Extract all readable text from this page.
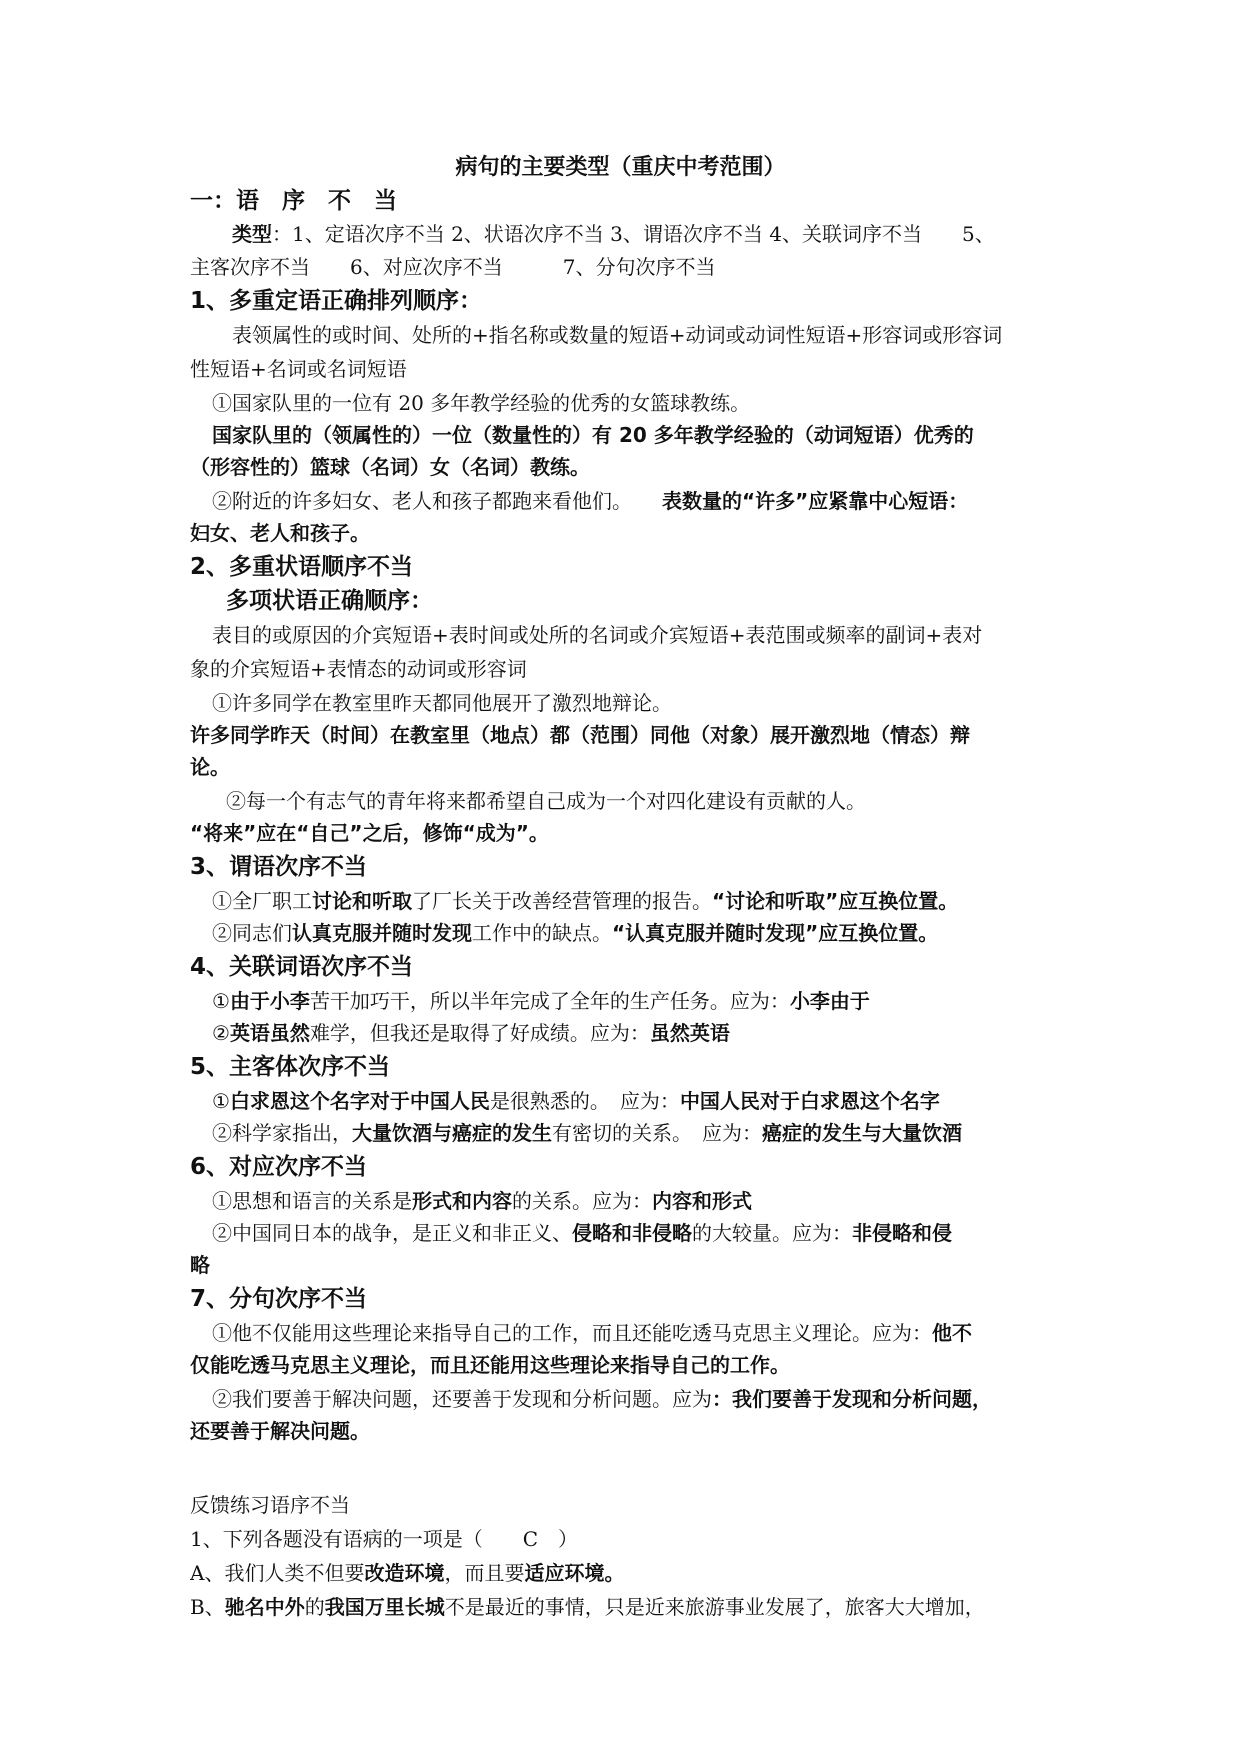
病句的主要类型（重庆中考范围）
一：语　序　不　当
类型：1、定语次序不当 2、状语次序不当 3、谓语次序不当 4、关联词序不当　　5、
主客次序不当　　6、对应次序不当　　　7、分句次序不当
1、多重定语正确排列顺序：
表领属性的或时间、处所的+指名称或数量的短语+动词或动词性短语+形容词或形容词
性短语+名词或名词短语
①国家队里的一位有 20 多年教学经验的优秀的女篮球教练。
国家队里的（领属性的）一位（数量性的）有 20 多年教学经验的（动词短语）优秀的
（形容性的）篮球（名词）女（名词）教练。
②附近的许多妇女、老人和孩子都跑来看他们。　　表数量的“许多”应紧靠中心短语：
妇女、老人和孩子。
2、多重状语顺序不当
多项状语正确顺序：
表目的或原因的介宾短语+表时间或处所的名词或介宾短语+表范围或频率的副词+表对
象的介宾短语+表情态的动词或形容词
①许多同学在教室里昨天都同他展开了激烈地辩论。
许多同学昨天（时间）在教室里（地点）都（范围）同他（对象）展开激烈地（情态）辩
论。
②每一个有志气的青年将来都希望自己成为一个对四化建设有贡献的人。
“将来”应在“自己”之后，修饰“成为”。
3、谓语次序不当
①全厂职工讨论和听取了厂长关于改善经营管理的报告。“讨论和听取”应互换位置。
②同志们认真克服并随时发现工作中的缺点。“认真克服并随时发现”应互换位置。
4、关联词语次序不当
①由于小李苦干加巧干，所以半年完成了全年的生产任务。应为：小李由于
②英语虽然难学，但我还是取得了好成绩。应为：虽然英语
5、主客体次序不当
①白求恩这个名字对于中国人民是很熟悉的。　应为：中国人民对于白求恩这个名字
②科学家指出，大量饮酒与癌症的发生有密切的关系。　应为：癌症的发生与大量饮酒
6、对应次序不当
①思想和语言的关系是形式和内容的关系。应为：内容和形式
②中国同日本的战争，是正义和非正义、侵略和非侵略的大较量。应为：非侵略和侵
略
7、分句次序不当
①他不仅能用这些理论来指导自己的工作，而且还能吃透马克思主义理论。应为：他不
仅能吃透马克思主义理论，而且还能用这些理论来指导自己的工作。
②我们要善于解决问题，还要善于发现和分析问题。应为：我们要善于发现和分析问题，
还要善于解决问题。
反馈练习语序不当
1、下列各题没有语病的一项是（　　C　）
A、我们人类不但要改造环境，而且要适应环境。
B、驰名中外的我国万里长城不是最近的事情，只是近来旅游事业发展了，旅客大大增加，
